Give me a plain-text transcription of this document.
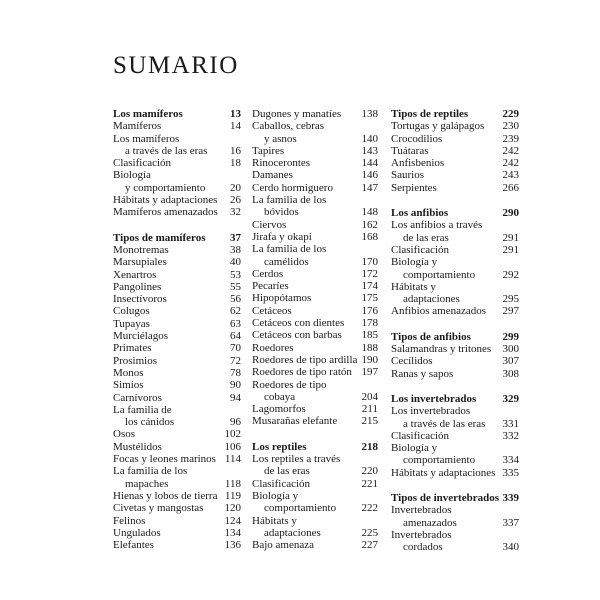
SUMARIO
Los mamíferos	13
Mamíferos	14
Los mamíferos
a través de las eras	16
Clasificación	18
Biología
y comportamiento	20
Hábitats y adaptaciones	26
Mamíferos amenazados	32
Tipos de mamíferos	37
Monotremas	38
Marsupiales	40
Xenartros	53
Pangolines	55
Insectívoros	56
Colugos	62
Tupayas	63
Murciélagos	64
Primates	70
Prosimios	72
Monos	78
Simios	90
Carnívoros	94
La familia de
los cánidos	96
Osos	102
Mustélidos	106
Focas y leones marinos 114
La familia de los
mapaches	118
Hienas y lobos de tierra 119
Civetas y mangostas	120
Felinos	124
Ungulados	134
Elefantes	136
Dugones y manatíes	138
Caballos, cebras
y asnos	140
Tapires	143
Rinocerontes	144
Damanes	146
Cerdo hormiguero	147
La familia de los
bóvidos	148
Ciervos	162
Jirafa y okapi	168
La familia de los
camélidos	170
Cerdos	172
Pecaríes	174
Hipopótamos	175
Cetáceos	176
Cetáceos con dientes	178
Cetáceos con barbas	185
Roedores	188
Roedores de tipo ardilla 190
Roedores de tipo ratón 197
Roedores de tipo
cobaya	204
Lagomorfos	211
Musarañas elefante	215
Los reptiles	218
Los reptiles a través
de las eras	220
Clasificación	221
Biología y
comportamiento	222
Hábitats y
adaptaciones	225
Bajo amenaza	227
Tipos de reptiles	229
Tortugas y galápagos	230
Crocodilios	239
Tuátaras	242
Anfisbenios	242
Saurios	243
Serpientes	266
Los anfibios	290
Los anfibios a través
de las eras	291
Clasificación	291
Biología y
comportamiento	292
Hábitats y
adaptaciones	295
Anfibios amenazados	297
Tipos de anfibios	299
Salamandras y tritones	300
Cecílidos	307
Ranas y sapos	308
Los invertebrados	329
Los invertebrados
a través de las eras	331
Clasificación	332
Biología y
comportamiento	334
Hábitats y adaptaciones 335
Tipos de invertebrados 339
Invertebrados
amenazados	337
Invertebrados
cordados	340
